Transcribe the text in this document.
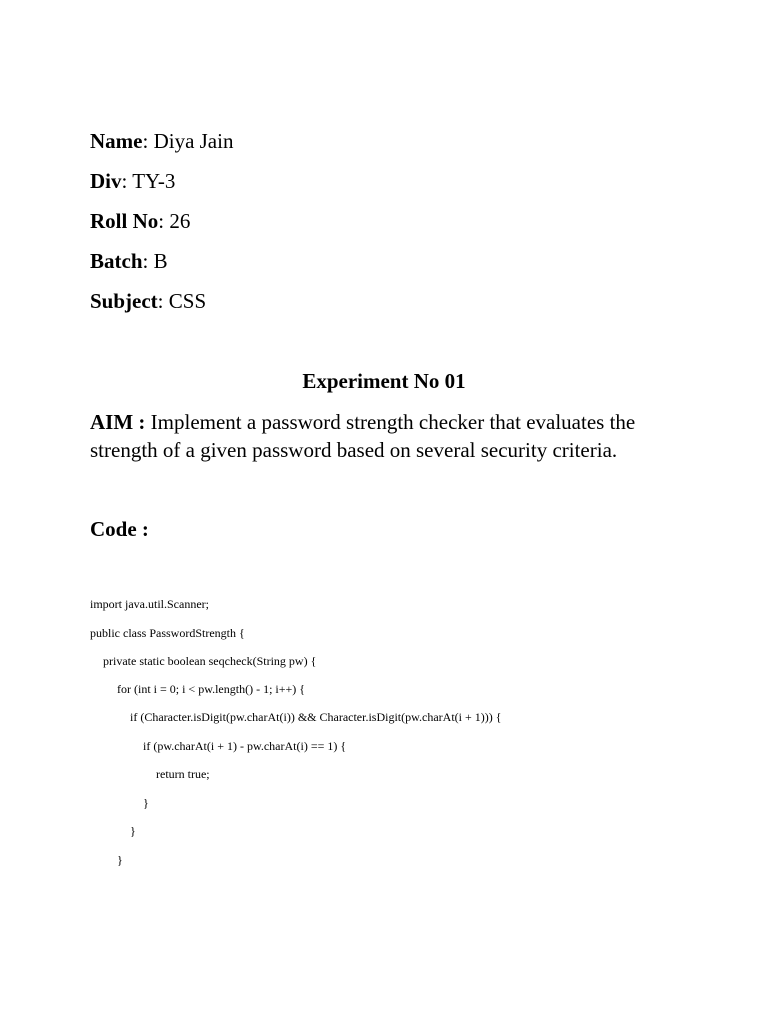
Name: Diya Jain
Div: TY-3
Roll No: 26
Batch: B
Subject: CSS
Experiment No 01
AIM : Implement a password strength checker that evaluates the strength of a given password based on several security criteria.
Code :
import java.util.Scanner;
public class PasswordStrength {
private static boolean seqcheck(String pw) {
for (int i = 0; i < pw.length() - 1; i++) {
if (Character.isDigit(pw.charAt(i)) && Character.isDigit(pw.charAt(i + 1))) {
if (pw.charAt(i + 1) - pw.charAt(i) == 1) {
return true;
}
}
}
